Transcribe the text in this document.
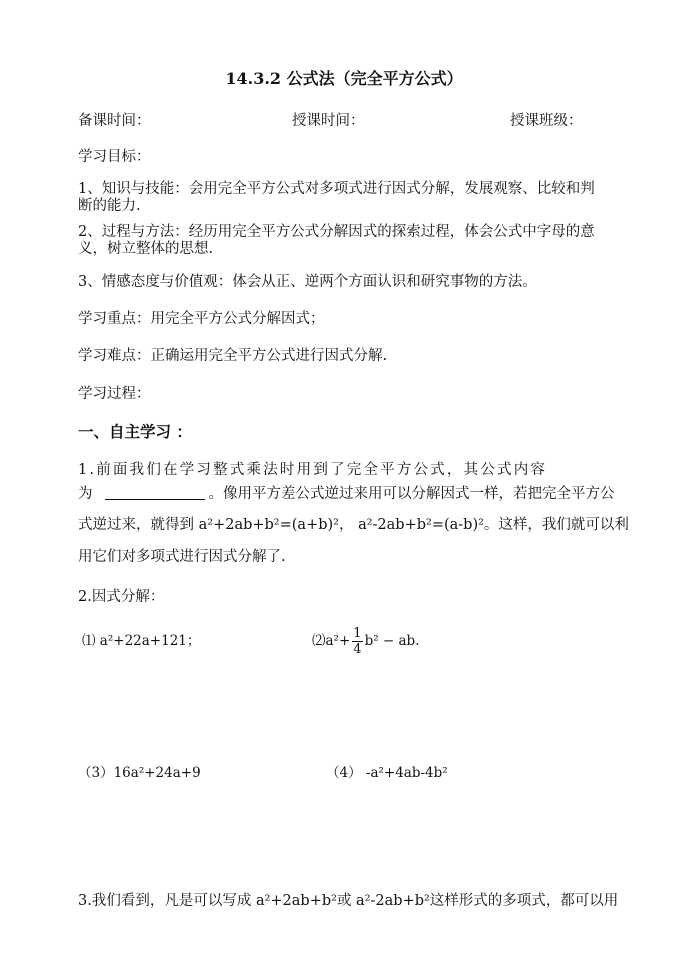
14.3.2 公式法（完全平方公式）
备课时间：	授课时间：	授课班级：
学习目标：
1、知识与技能：会用完全平方公式对多项式进行因式分解，发展观察、比较和判
断的能力.
2、过程与方法：经历用完全平方公式分解因式的探索过程，体会公式中字母的意
义，树立整体的思想.
3、情感态度与价值观：体会从正、逆两个方面认识和研究事物的方法。
学习重点：用完全平方公式分解因式；
学习难点：正确运用完全平方公式进行因式分解.
学习过程：
一、自主学习 ：
1.前面我们在学习整式乘法时用到了完全平方公式，其公式内容
为	。像用平方差公式逆过来用可以分解因式一样，若把完全平方公
式逆过来，就得到 a²+2ab+b²=(a+b)²， a²-2ab+b²=(a-b)²。这样，我们就可以利
用它们对多项式进行因式分解了.
2.因式分解：
⑴ a²+22a+121；	⑵a²+ $\frac{1}{4} b^2$ − ab.
（3）16a²+24a+9	（4） -a²+4ab-4b²
3.我们看到，凡是可以写成 a²+2ab+b²或 a²-2ab+b²这样形式的多项式，都可以用
